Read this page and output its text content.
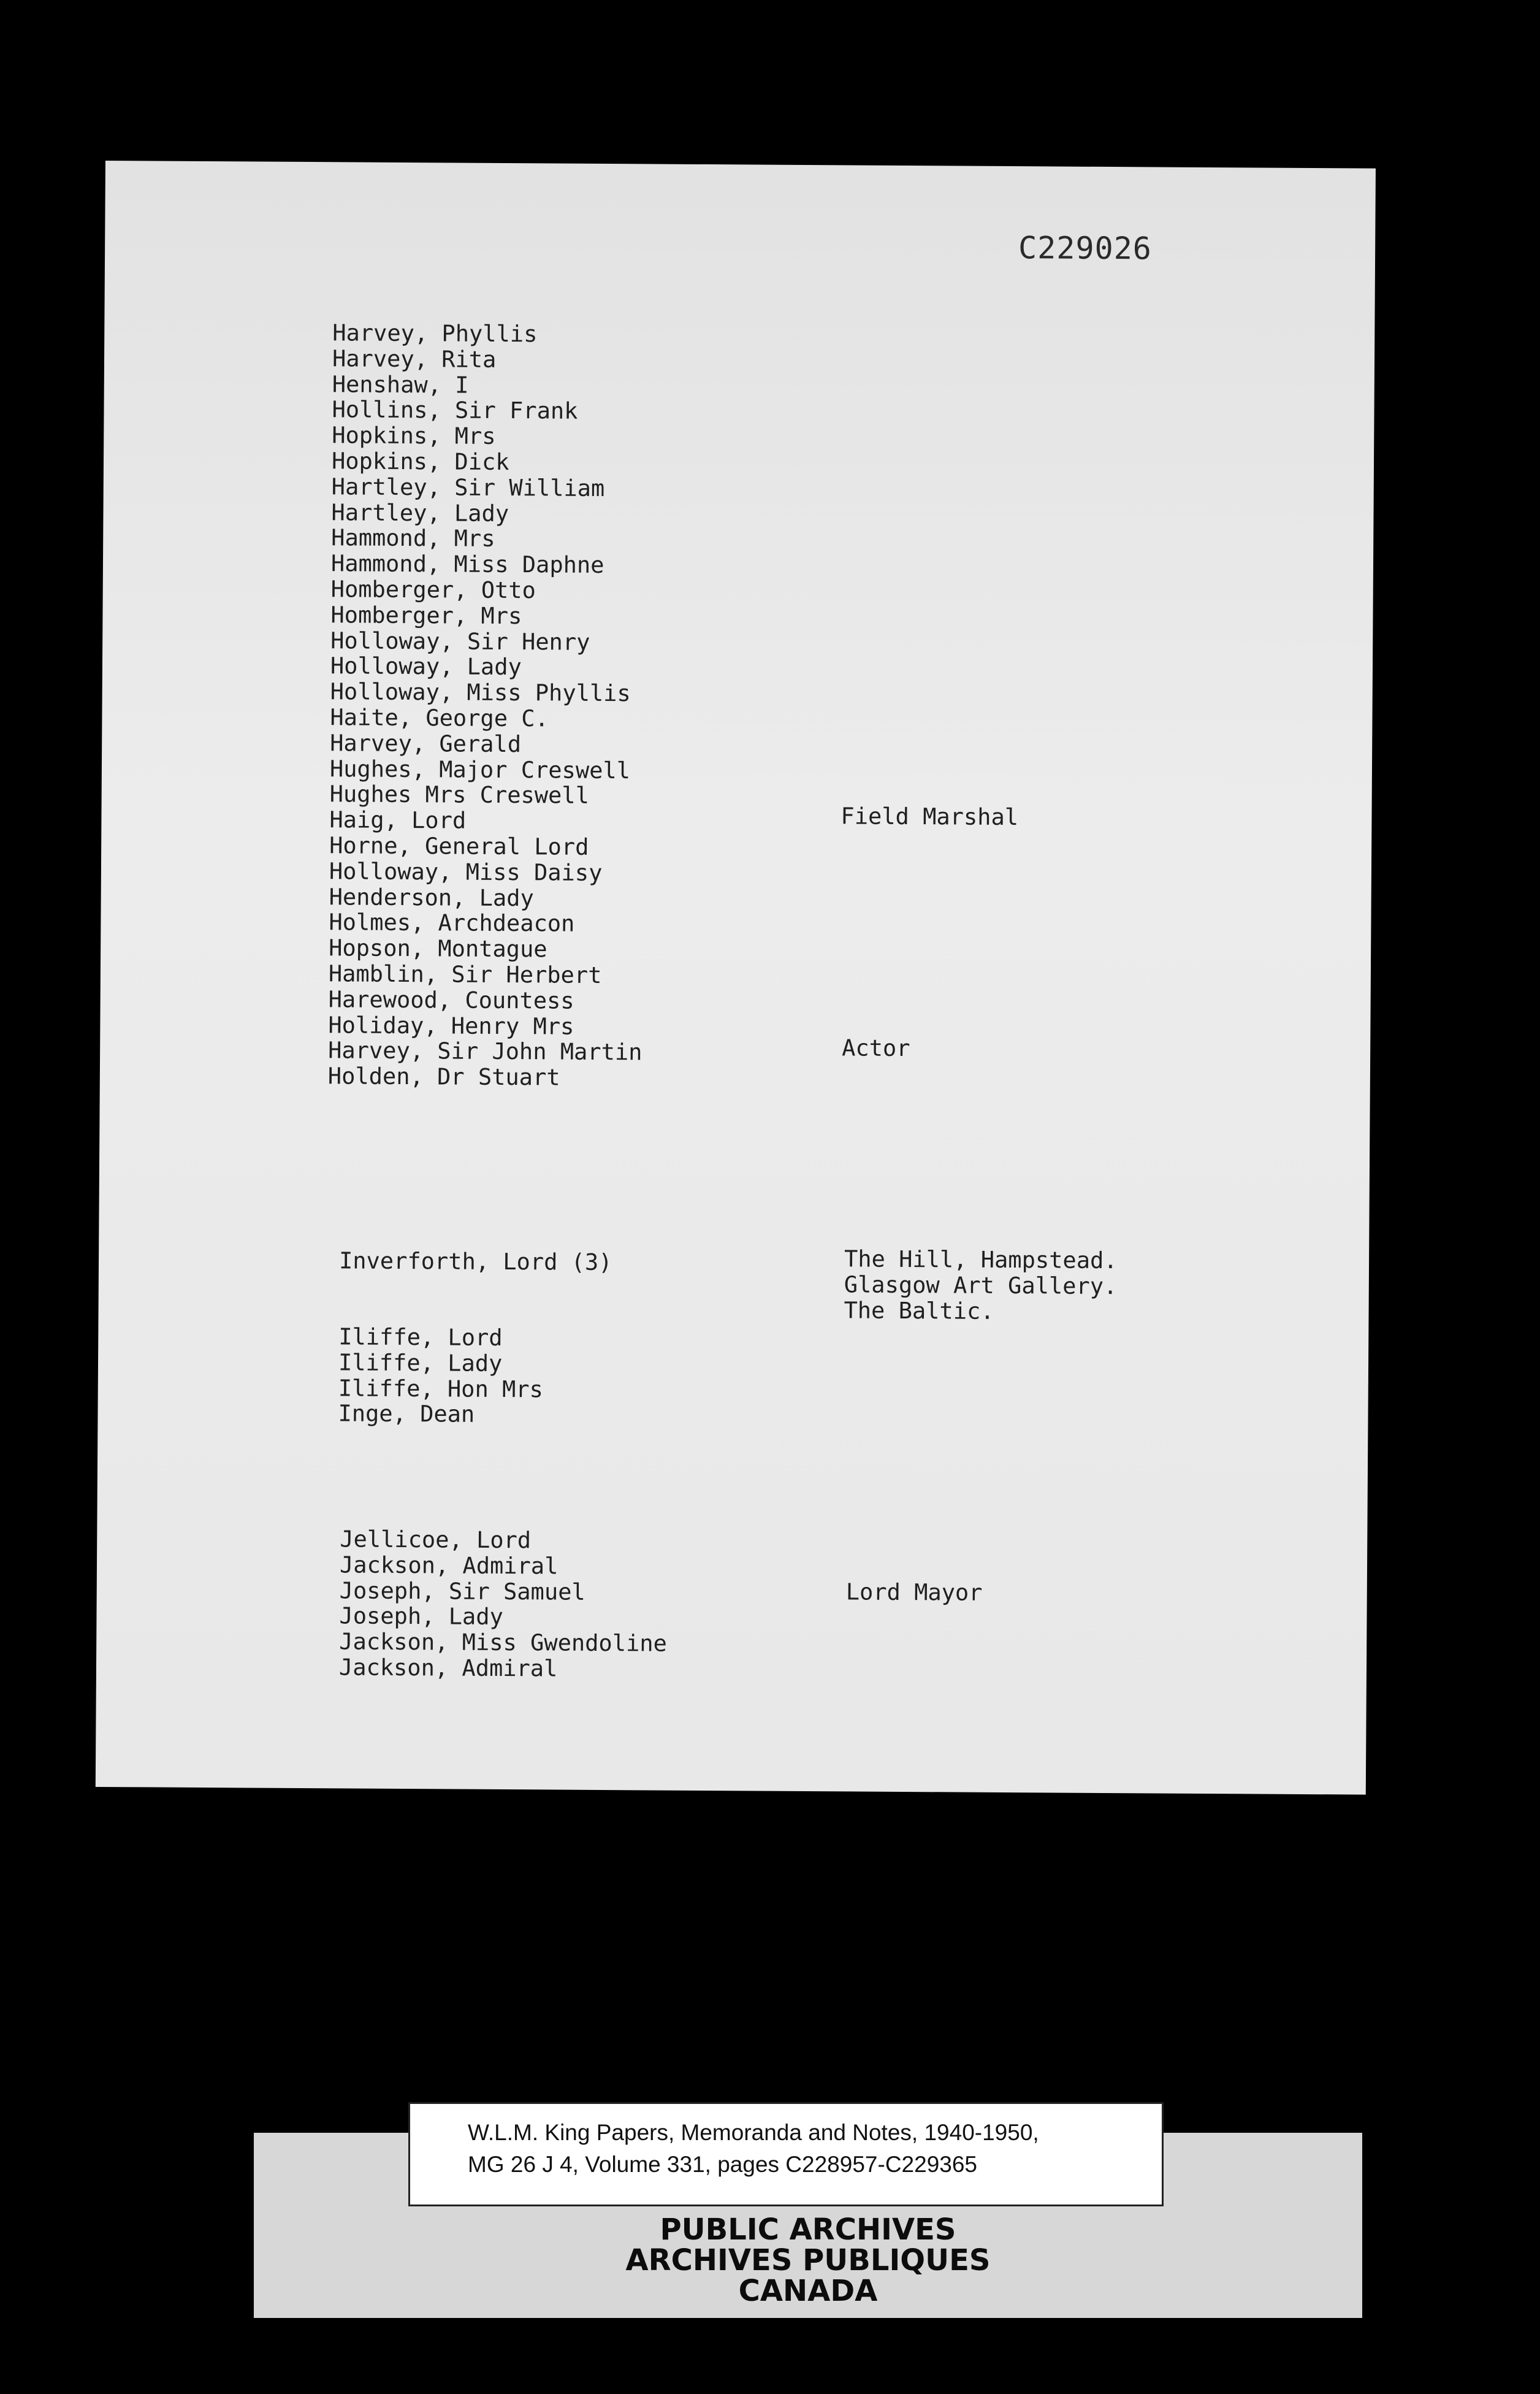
C229026
Harvey, Phyllis
Harvey, Rita
Henshaw, I
Hollins, Sir Frank
Hopkins, Mrs
Hopkins, Dick
Hartley, Sir William
Hartley, Lady
Hammond, Mrs
Hammond, Miss Daphne
Homberger, Otto
Homberger, Mrs
Holloway, Sir Henry
Holloway, Lady
Holloway, Miss Phyllis
Haite, George C.
Harvey, Gerald
Hughes, Major Creswell
Hughes Mrs Creswell
Haig, Lord
Horne, General Lord
Holloway, Miss Daisy
Henderson, Lady
Holmes, Archdeacon
Hopson, Montague
Hamblin, Sir Herbert
Harewood, Countess
Holiday, Henry Mrs
Harvey, Sir John Martin
Holden, Dr Stuart
Field Marshal
Actor
Inverforth, Lord (3)	The Hill, Hampstead.
Glasgow Art Gallery.
The Baltic.
Iliffe, Lord
Iliffe, Lady
Iliffe, Hon Mrs
Inge, Dean
Jellicoe, Lord
Jackson, Admiral
Joseph, Sir Samuel
Joseph, Lady
Jackson, Miss Gwendoline
Jackson, Admiral
Lord Mayor
W.L.M. King Papers, Memoranda and Notes, 1940-1950,
MG 26 J 4, Volume 331, pages C228957-C229365
PUBLIC ARCHIVES
ARCHIVES PUBLIQUES
CANADA
